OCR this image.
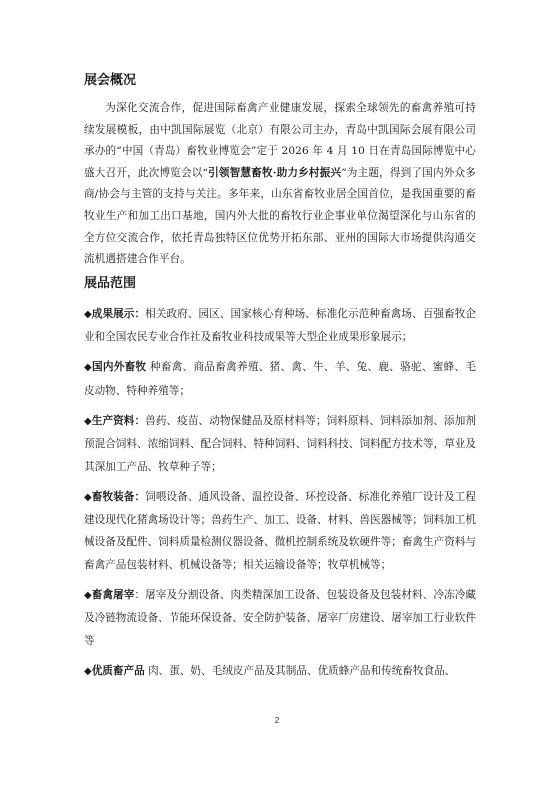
展会概况

为深化交流合作，促进国际畜禽产业健康发展，探索全球领先的畜禽养殖可持续发展模板，由中凯国际展览（北京）有限公司主办，青岛中凯国际会展有限公司承办的“中国（青岛）畜牧业博览会”定于 2026 年 4 月 10 日在青岛国际博览中心盛大召开，此次博览会以“引领智慧畜牧·助力乡村振兴”为主题，得到了国内外众多商/协会与主管的支持与关注。多年来，山东省畜牧业居全国首位，是我国重要的畜牧业生产和加工出口基地，国内外大批的畜牧行业企事业单位渴望深化与山东省的全方位交流合作，依托青岛独特区位优势开拓东部、亚州的国际大市场提供沟通交流机遇搭建合作平台。

展品范围

◆成果展示：相关政府、园区、国家核心育种场、标准化示范种畜禽场、百强畜牧企业和全国农民专业合作社及畜牧业科技成果等大型企业成果形象展示；

◆国内外畜牧 种畜禽、商品畜禽养殖、猪、禽、牛、羊、兔、鹿、骆驼、蜜蜂、毛皮动物、特种养殖等；

◆生产资料：兽药、疫苗、动物保健品及原材料等；饲料原料、饲料添加剂、添加剂预混合饲料、浓缩饲料、配合饲料、特种饲料、饲料科技、饲料配方技术等，草业及其深加工产品、牧草种子等；

◆畜牧装备：饲喂设备、通风设备、温控设备、环控设备、标准化养殖厂设计及工程建设现代化猪禽场设计等；兽药生产、加工、设备、材料、兽医器械等；饲料加工机械设备及配件、饲料质量检测仪器设备、微机控制系统及软硬件等；畜禽生产资料与畜禽产品包装材料、机械设备等；相关运输设备等；牧草机械等；

◆畜禽屠宰：屠宰及分割设备、肉类精深加工设备、包装设备及包装材料、冷冻冷藏及冷链物流设备、节能环保设备、安全防护装备、屠宰厂房建设、屠宰加工行业软件等

◆优质畜产品 肉、蛋、奶、毛绒皮产品及其制品、优质蜂产品和传统畜牧食品、

2
